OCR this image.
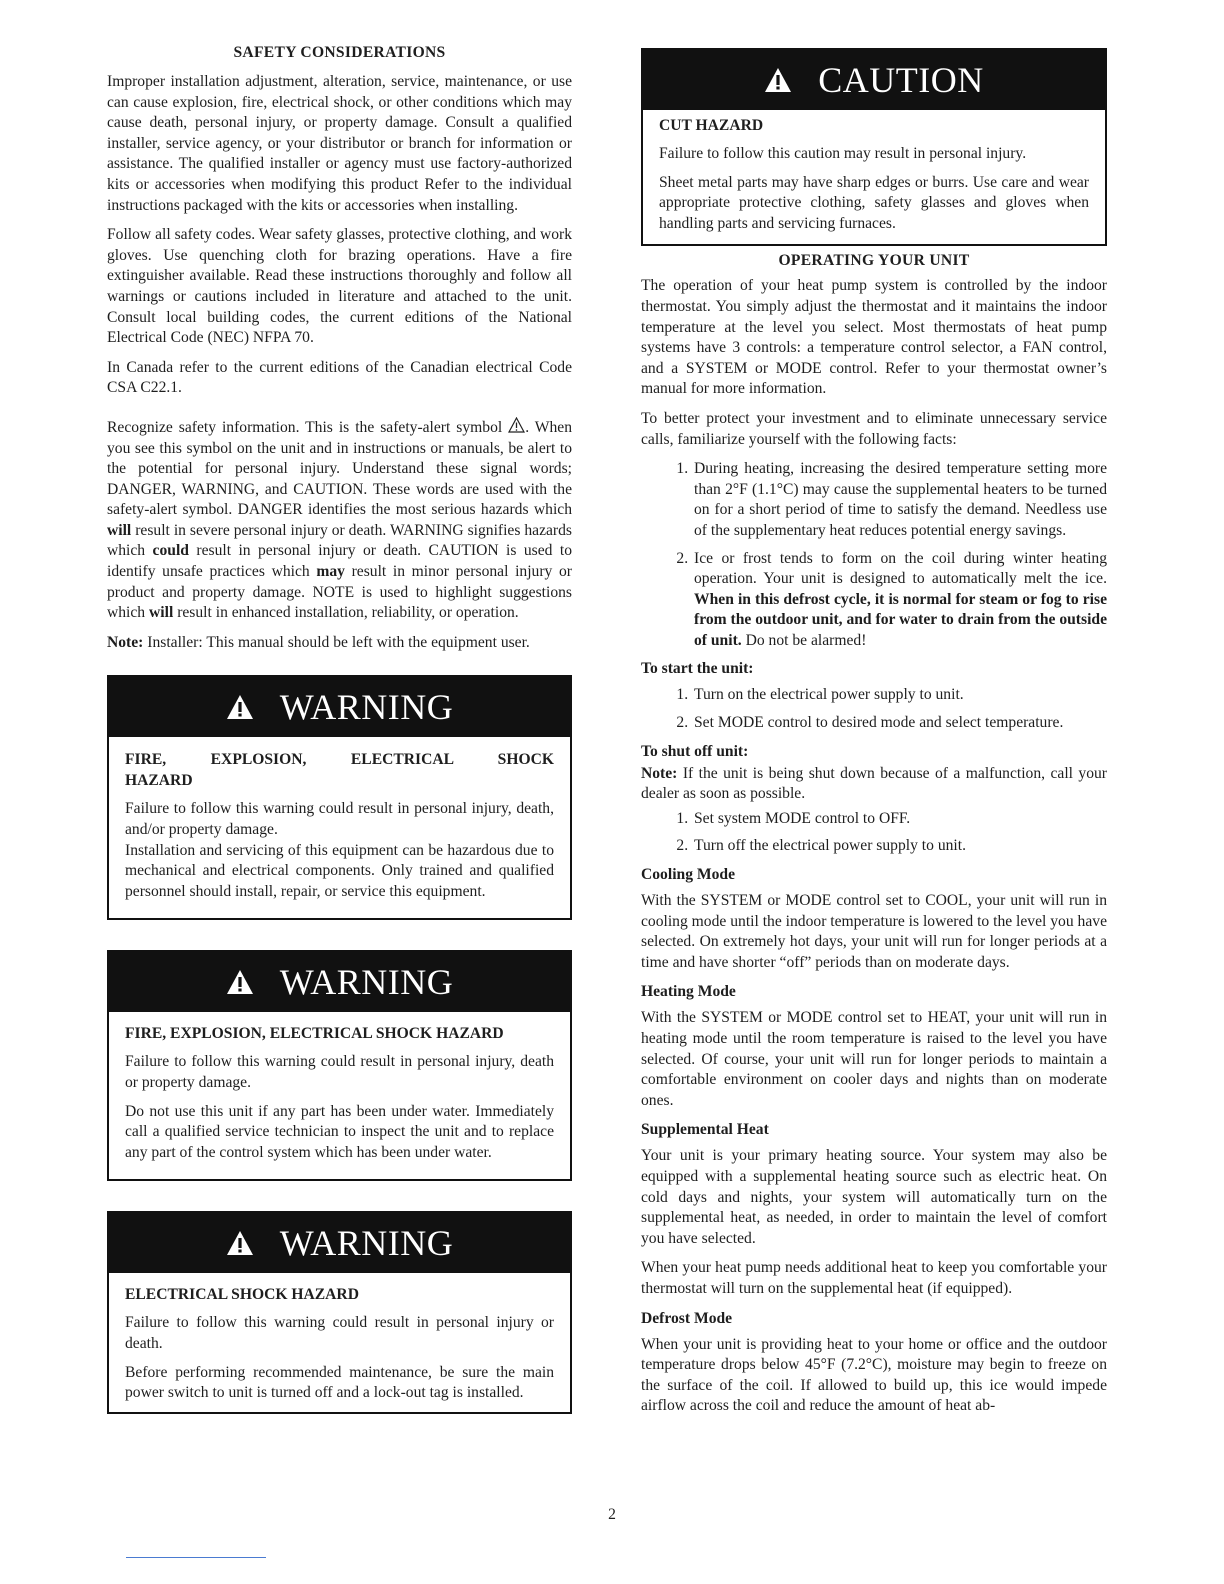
SAFETY CONSIDERATIONS

Improper installation adjustment, alteration, service, maintenance, or use can cause explosion, fire, electrical shock, or other conditions which may cause death, personal injury, or property damage. Consult a qualified installer, service agency, or your distributor or branch for information or assistance. The qualified installer or agency must use factory-authorized kits or accessories when modifying this product Refer to the individual instructions packaged with the kits or accessories when installing.

Follow all safety codes. Wear safety glasses, protective clothing, and work gloves. Use quenching cloth for brazing operations. Have a fire extinguisher available. Read these instructions thoroughly and follow all warnings or cautions included in literature and attached to the unit. Consult local building codes, the current editions of the National Electrical Code (NEC) NFPA 70.

In Canada refer to the current editions of the Canadian electrical Code CSA C22.1.

Recognize safety information. This is the safety-alert symbol . When you see this symbol on the unit and in instructions or manuals, be alert to the potential for personal injury. Understand these signal words; DANGER, WARNING, and CAUTION. These words are used with the safety-alert symbol. DANGER identifies the most serious hazards which will result in severe personal injury or death. WARNING signifies hazards which could result in personal injury or death. CAUTION is used to identify unsafe practices which may result in minor personal injury or product and property damage. NOTE is used to highlight suggestions which will result in enhanced installation, reliability, or operation.

Note: Installer: This manual should be left with the equipment user.

WARNING
FIRE, EXPLOSION, ELECTRICAL SHOCK HAZARD

Failure to follow this warning could result in personal injury, death, and/or property damage.

Installation and servicing of this equipment can be hazardous due to mechanical and electrical components. Only trained and qualified personnel should install, repair, or service this equipment.

WARNING
FIRE, EXPLOSION, ELECTRICAL SHOCK HAZARD

Failure to follow this warning could result in personal injury, death or property damage.

Do not use this unit if any part has been under water. Immediately call a qualified service technician to inspect the unit and to replace any part of the control system which has been under water.

WARNING
ELECTRICAL SHOCK HAZARD

Failure to follow this warning could result in personal injury or death.

Before performing recommended maintenance, be sure the main power switch to unit is turned off and a lock-out tag is installed.

CAUTION
CUT HAZARD

Failure to follow this caution may result in personal injury.

Sheet metal parts may have sharp edges or burrs. Use care and wear appropriate protective clothing, safety glasses and gloves when handling parts and servicing furnaces.

OPERATING YOUR UNIT

The operation of your heat pump system is controlled by the indoor thermostat. You simply adjust the thermostat and it maintains the indoor temperature at the level you select. Most thermostats of heat pump systems have 3 controls: a temperature control selector, a FAN control, and a SYSTEM or MODE control. Refer to your thermostat owner’s manual for more information.

To better protect your investment and to eliminate unnecessary service calls, familiarize yourself with the following facts:

1. During heating, increasing the desired temperature setting more than 2°F (1.1°C) may cause the supplemental heaters to be turned on for a short period of time to satisfy the demand. Needless use of the supplementary heat reduces potential energy savings.
2. Ice or frost tends to form on the coil during winter heating operation. Your unit is designed to automatically melt the ice. When in this defrost cycle, it is normal for steam or fog to rise from the outdoor unit, and for water to drain from the outside of unit. Do not be alarmed!
To start the unit:
1. Turn on the electrical power supply to unit.
2. Set MODE control to desired mode and select temperature.
To shut off unit:

Note: If the unit is being shut down because of a malfunction, call your dealer as soon as possible.

1. Set system MODE control to OFF.
2. Turn off the electrical power supply to unit.
Cooling Mode

With the SYSTEM or MODE control set to COOL, your unit will run in cooling mode until the indoor temperature is lowered to the level you have selected. On extremely hot days, your unit will run for longer periods at a time and have shorter “off” periods than on moderate days.

Heating Mode

With the SYSTEM or MODE control set to HEAT, your unit will run in heating mode until the room temperature is raised to the level you have selected. Of course, your unit will run for longer periods to maintain a comfortable environment on cooler days and nights than on moderate ones.

Supplemental Heat

Your unit is your primary heating source. Your system may also be equipped with a supplemental heating source such as electric heat. On cold days and nights, your system will automatically turn on the supplemental heat, as needed, in order to maintain the level of comfort you have selected.

When your heat pump needs additional heat to keep you comfortable your thermostat will turn on the supplemental heat (if equipped).

Defrost Mode

When your unit is providing heat to your home or office and the outdoor temperature drops below 45°F (7.2°C), moisture may begin to freeze on the surface of the coil. If allowed to build up, this ice would impede airflow across the coil and reduce the amount of heat ab-

2
